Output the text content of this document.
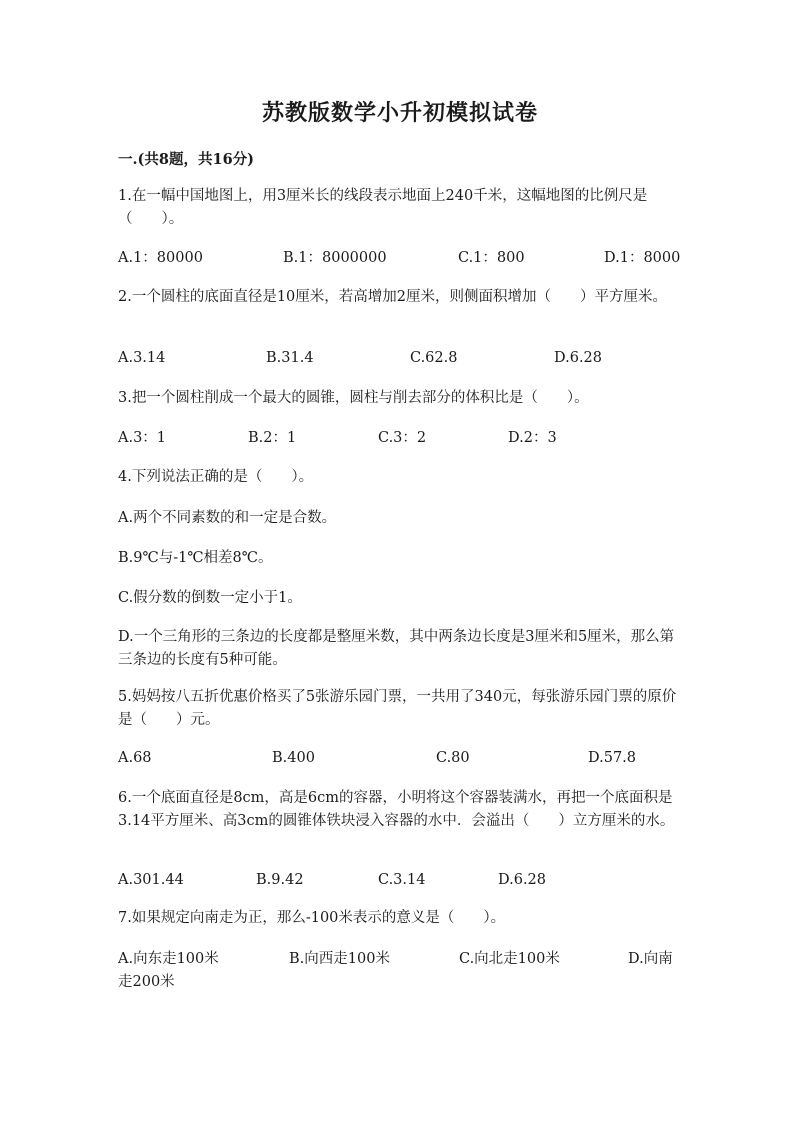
苏教版数学小升初模拟试卷
一.(共8题，共16分)
1.在一幅中国地图上，用3厘米长的线段表示地面上240千米，这幅地图的比例尺是（　　）。
A.1：80000	B.1：8000000	C.1：800	D.1：8000
2.一个圆柱的底面直径是10厘米，若高增加2厘米，则侧面积增加（　　）平方厘米。
A.3.14	B.31.4	C.62.8	D.6.28
3.把一个圆柱削成一个最大的圆锥，圆柱与削去部分的体积比是（　　）。
A.3：1	B.2：1	C.3：2	D.2：3
4.下列说法正确的是（　　）。
A.两个不同素数的和一定是合数。
B.9℃与-1℃相差8℃。
C.假分数的倒数一定小于1。
D.一个三角形的三条边的长度都是整厘米数，其中两条边长度是3厘米和5厘米，那么第三条边的长度有5种可能。
5.妈妈按八五折优惠价格买了5张游乐园门票，一共用了340元，每张游乐园门票的原价是（　　）元。
A.68	B.400	C.80	D.57.8
6.一个底面直径是8cm，高是6cm的容器，小明将这个容器装满水，再把一个底面积是3.14平方厘米、高3cm的圆锥体铁块浸入容器的水中．会溢出（　　）立方厘米的水。
A.301.44	B.9.42	C.3.14	D.6.28
7.如果规定向南走为正，那么-100米表示的意义是（　　）。
A.向东走100米	B.向西走100米	C.向北走100米	D.向南走200米
